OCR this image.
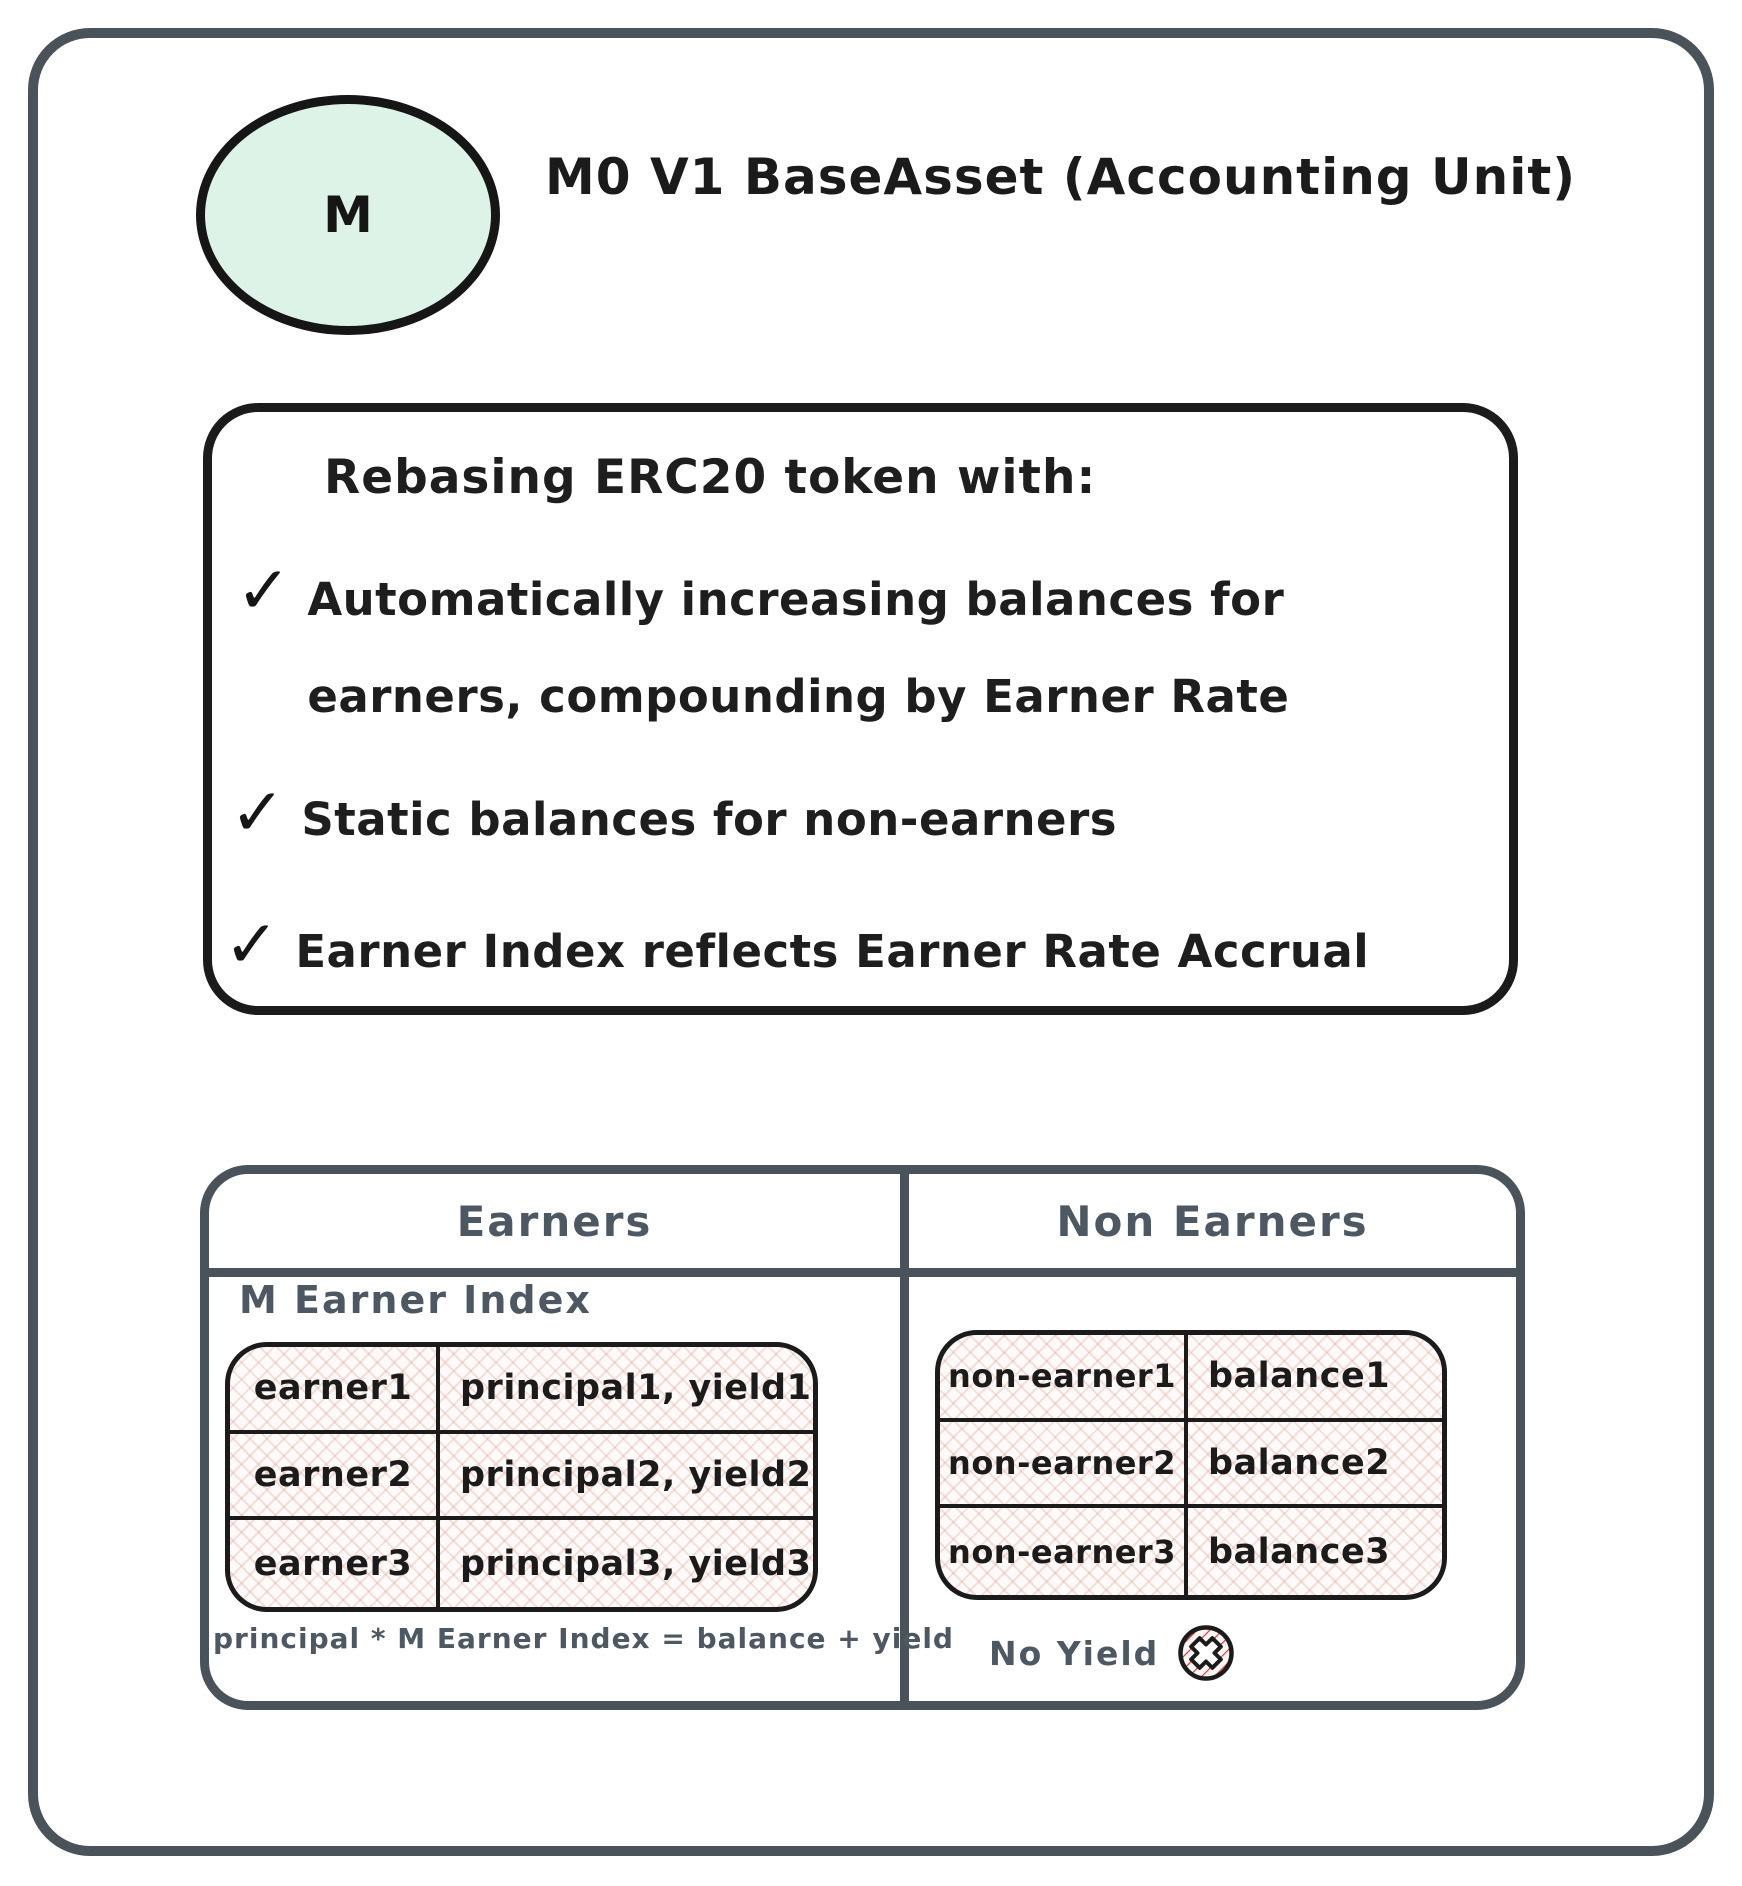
M
M0 V1 BaseAsset (Accounting Unit)
Rebasing ERC20 token with:
✓ Automatically increasing balances for earners, compounding by Earner Rate
✓ Static balances for non-earners
✓ Earner Index reflects Earner Rate Accrual
Earners	Non Earners
M Earner Index
earner1	principal1, yield1
earner2	principal2, yield2
earner3	principal3, yield3
principal * M Earner Index = balance + yield
non-earner1 balance1
non-earner2 balance2
non-earner3 balance3
No Yield
